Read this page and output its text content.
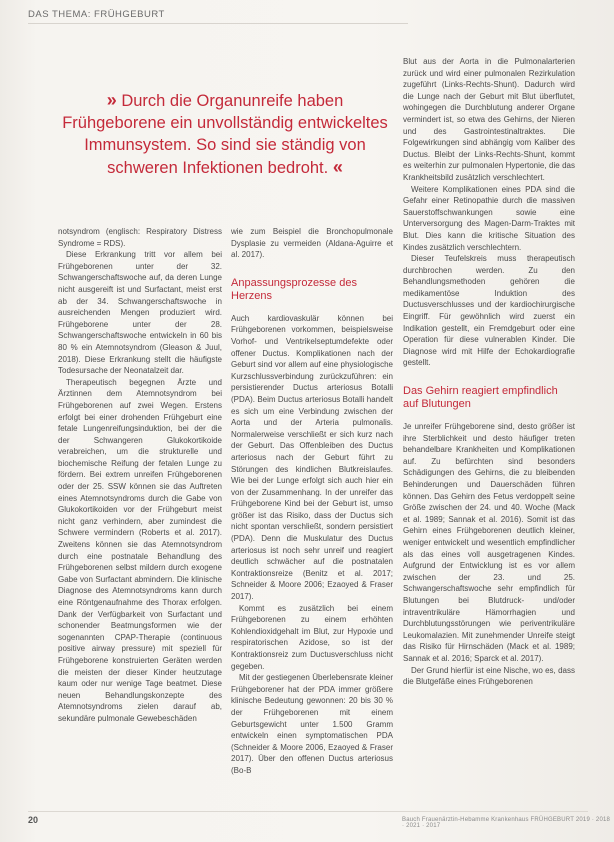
DAS THEMA: FRÜHGEBURT
» Durch die Organunreife haben Frühgeborene ein unvollständig entwickeltes Immunsystem. So sind sie ständig von schweren Infektionen bedroht. «

notsyndrom (englisch: Respiratory Distress Syndrome = RDS).

Diese Erkrankung tritt vor allem bei Frühgeborenen unter der 32. Schwangerschaftswoche auf, da deren Lunge nicht ausgereift ist und Surfactant, meist erst ab der 34. Schwangerschaftswoche in ausreichenden Mengen produziert wird. Frühgeborene unter der 28. Schwangerschaftswoche entwickeln in 60 bis 80 % ein Atemnotsyndrom (Gleason & Juul, 2018). Diese Erkrankung stellt die häufigste Todesursache der Neonatalzeit dar.

Therapeutisch begegnen Ärzte und Ärztinnen dem Atemnotsyndrom bei Frühgeborenen auf zwei Wegen. Erstens erfolgt bei einer drohenden Frühgeburt eine fetale Lungenreifungsinduktion, bei der die der Schwangeren Glukokortikoide verabreichen, um die strukturelle und biochemische Reifung der fetalen Lunge zu fördern. Bei extrem unreifen Frühgeborenen oder der 25. SSW können sie das Auftreten eines Atemnotsyndroms durch die Gabe von Glukokortikoiden vor der Frühgeburt meist nicht ganz verhindern, aber zumindest die Schwere vermindern (Roberts et al. 2017). Zweitens können sie das Atemnotsyndrom durch eine postnatale Behandlung des Frühgeborenen selbst mildern durch exogene Gabe von Surfactant abmindern. Die klinische Diagnose des Atemnotsyndroms kann durch eine Röntgenaufnahme des Thorax erfolgen. Dank der Verfügbarkeit von Surfactant und schonender Beatmungsformen wie der sogenannten CPAP-Therapie (continuous positive airway pressure) mit speziell für Frühgeborene konstruierten Geräten werden die meisten der dieser Kinder heutzutage kaum oder nur wenige Tage beatmet. Diese neuen Behandlungskonzepte des Atemnotsyndroms zielen darauf ab, sekundäre pulmonale Gewebeschäden

wie zum Beispiel die Bronchopulmonale Dysplasie zu vermeiden (Aldana-Aguirre et al. 2017).

Anpassungsprozesse des Herzens

Auch kardiovaskulär können bei Frühgeborenen vorkommen, beispielsweise Vorhof- und Ventrikelseptumdefekte oder offener Ductus. Komplikationen nach der Geburt sind vor allem auf eine physiologische Kurzschlussverbindung zurückzuführen: ein persistierender Ductus arteriosus Botalli (PDA). Beim Ductus arteriosus Botalli handelt es sich um eine Verbindung zwischen der Aorta und der Arteria pulmonalis. Normalerweise verschließt er sich kurz nach der Geburt. Das Offenbleiben des Ductus arteriosus nach der Geburt führt zu Störungen des kindlichen Blutkreislaufes. Wie bei der Lunge erfolgt sich auch hier ein von der Zusammenhang. In der unreifer das Frühgeborene Kind bei der Geburt ist, umso größer ist das Risiko, dass der Ductus sich nicht spontan verschließt, sondern persistiert (PDA). Denn die Muskulatur des Ductus arteriosus ist noch sehr unreif und reagiert deutlich schwächer auf die postnatalen Kontraktionsreize (Benitz et al. 2017; Schneider & Moore 2006; Ezaoyed & Fraser 2017).

Kommt es zusätzlich bei einem Frühgeborenen zu einem erhöhten Kohlendioxidgehalt im Blut, zur Hypoxie und respiratorischen Azidose, so ist der Kontraktionsreiz zum Ductusverschluss nicht gegeben.

Mit der gestiegenen Überlebensrate kleiner Frühgeborener hat der PDA immer größere klinische Bedeutung gewonnen: 20 bis 30 % der Frühgeborenen mit einem Geburtsgewicht unter 1.500 Gramm entwickeln einen symptomatischen PDA (Schneider & Moore 2006, Ezaoyed & Fraser 2017). Über den offenen Ductus arteriosus (Bo-B

Blut aus der Aorta in die Pulmonalarterien zurück und wird einer pulmonalen Rezirkulation zugeführt (Links-Rechts-Shunt). Dadurch wird die Lunge nach der Geburt mit Blut überflutet, wohingegen die Durchblutung anderer Organe vermindert ist, so etwa des Gehirns, der Nieren und des Gastrointestinaltraktes. Die Folgewirkungen sind abhängig vom Kaliber des Ductus. Bleibt der Links-Rechts-Shunt, kommt es weiterhin zur pulmonalen Hypertonie, die das Krankheitsbild zusätzlich verschlechtert.

Weitere Komplikationen eines PDA sind die Gefahr einer Retinopathie durch die massiven Sauerstoffschwankungen sowie eine Unterversorgung des Magen-Darm-Traktes mit Blut. Dies kann die kritische Situation des Kindes zusätzlich verschlechtern.

Dieser Teufelskreis muss therapeutisch durchbrochen werden. Zu den Behandlungsmethoden gehören die medikamentöse Induktion des Ductusverschlusses und der kardiochirurgische Eingriff. Für gewöhnlich wird zuerst ein Indikation gestellt, ein Fremdgeburt oder eine Operation für diese vulnerablen Kinder. Die Diagnose wird mit Hilfe der Echokardiografie gestellt.

Das Gehirn reagiert empfindlich auf Blutungen

Je unreifer Frühgeborene sind, desto größer ist ihre Sterblichkeit und desto häufiger treten behandelbare Krankheiten und Komplikationen auf. Zu befürchten sind besonders Schädigungen des Gehirns, die zu bleibenden Behinderungen und Dauerschäden führen können. Das Gehirn des Fetus verdoppelt seine Größe zwischen der 24. und 40. Woche (Mack et al. 1989; Sannak et al. 2016). Somit ist das Gehirn eines Frühgeborenen deutlich kleiner, weniger entwickelt und wesentlich empfindlicher als das eines voll ausgetragenen Kindes. Aufgrund der Entwicklung ist es vor allem zwischen der 23. und 25. Schwangerschaftswoche sehr empfindlich für Blutungen bei Blutdruck- und/oder intraventrikuläre Hämorrhagien und Durchblutungsstörungen wie periventrikuläre Leukomalazien. Mit zunehmender Unreife steigt das Risiko für Hirnschäden (Mack et al. 1989; Sannak et al. 2016; Sparck et al. 2017).

Der Grund hierfür ist eine Nische, wo es, dass die Blutgefäße eines Frühgeborenen

20	Bauch Frauenärztin-Hebamme Krankenhaus FRÜHGEBURT 2019 · 2018 · 2021 · 2017
